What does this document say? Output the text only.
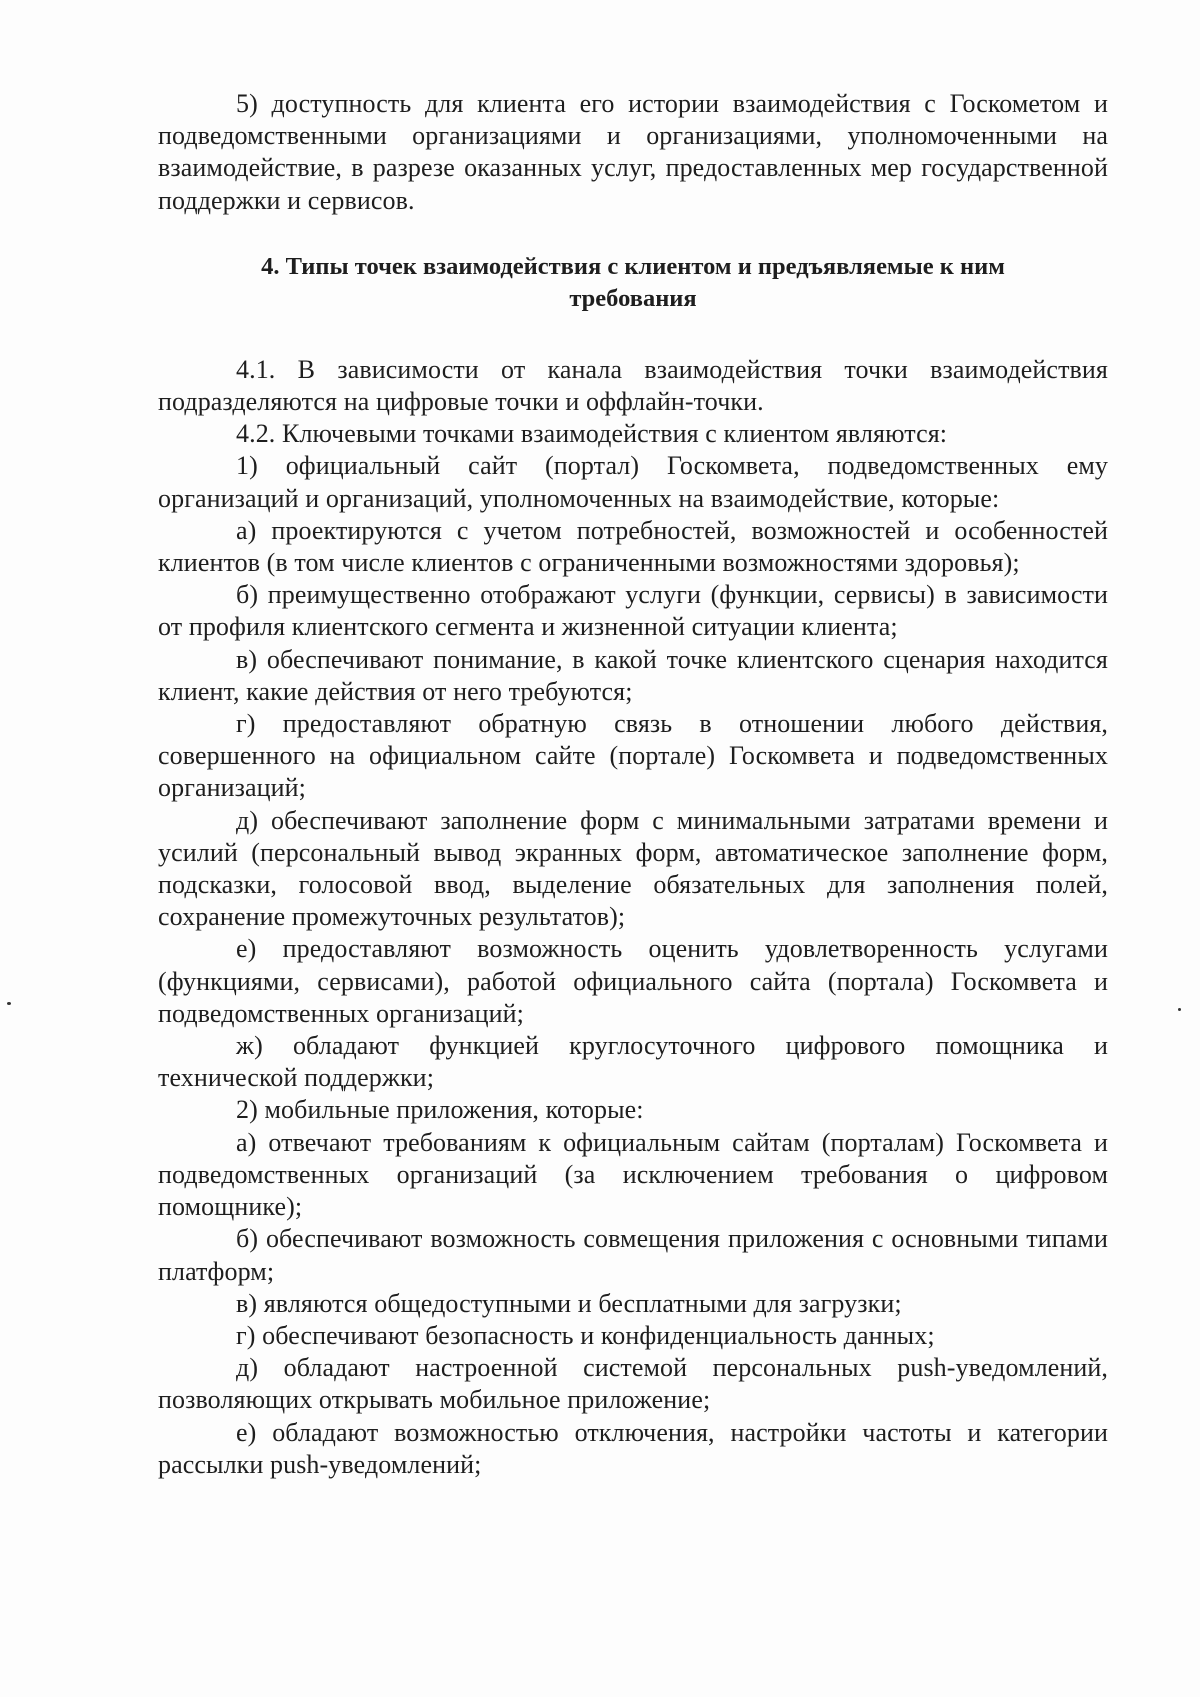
5) доступность для клиента его истории взаимодействия с Госкометом и подведомственными организациями и организациями, уполномоченными на взаимодействие, в разрезе оказанных услуг, предоставленных мер государственной поддержки и сервисов.

4. Типы точек взаимодействия с клиентом и предъявляемые к ним требования

4.1. В зависимости от канала взаимодействия точки взаимодействия подразделяются на цифровые точки и оффлайн-точки.

4.2. Ключевыми точками взаимодействия с клиентом являются:

1) официальный сайт (портал) Госкомвета, подведомственных ему организаций и организаций, уполномоченных на взаимодействие, которые:

а) проектируются с учетом потребностей, возможностей и особенностей клиентов (в том числе клиентов с ограниченными возможностями здоровья);

б) преимущественно отображают услуги (функции, сервисы) в зависимости от профиля клиентского сегмента и жизненной ситуации клиента;

в) обеспечивают понимание, в какой точке клиентского сценария находится клиент, какие действия от него требуются;

г) предоставляют обратную связь в отношении любого действия, совершенного на официальном сайте (портале) Госкомвета и подведомственных организаций;

д) обеспечивают заполнение форм с минимальными затратами времени и усилий (персональный вывод экранных форм, автоматическое заполнение форм, подсказки, голосовой ввод, выделение обязательных для заполнения полей, сохранение промежуточных результатов);

е) предоставляют возможность оценить удовлетворенность услугами (функциями, сервисами), работой официального сайта (портала) Госкомвета и подведомственных организаций;

ж) обладают функцией круглосуточного цифрового помощника и технической поддержки;

2) мобильные приложения, которые:

а) отвечают требованиям к официальным сайтам (порталам) Госкомвета и подведомственных организаций (за исключением требования о цифровом помощнике);

б) обеспечивают возможность совмещения приложения с основными типами платформ;

в) являются общедоступными и бесплатными для загрузки;

г) обеспечивают безопасность и конфиденциальность данных;

д) обладают настроенной системой персональных push-уведомлений, позволяющих открывать мобильное приложение;

е) обладают возможностью отключения, настройки частоты и категории рассылки push-уведомлений;
